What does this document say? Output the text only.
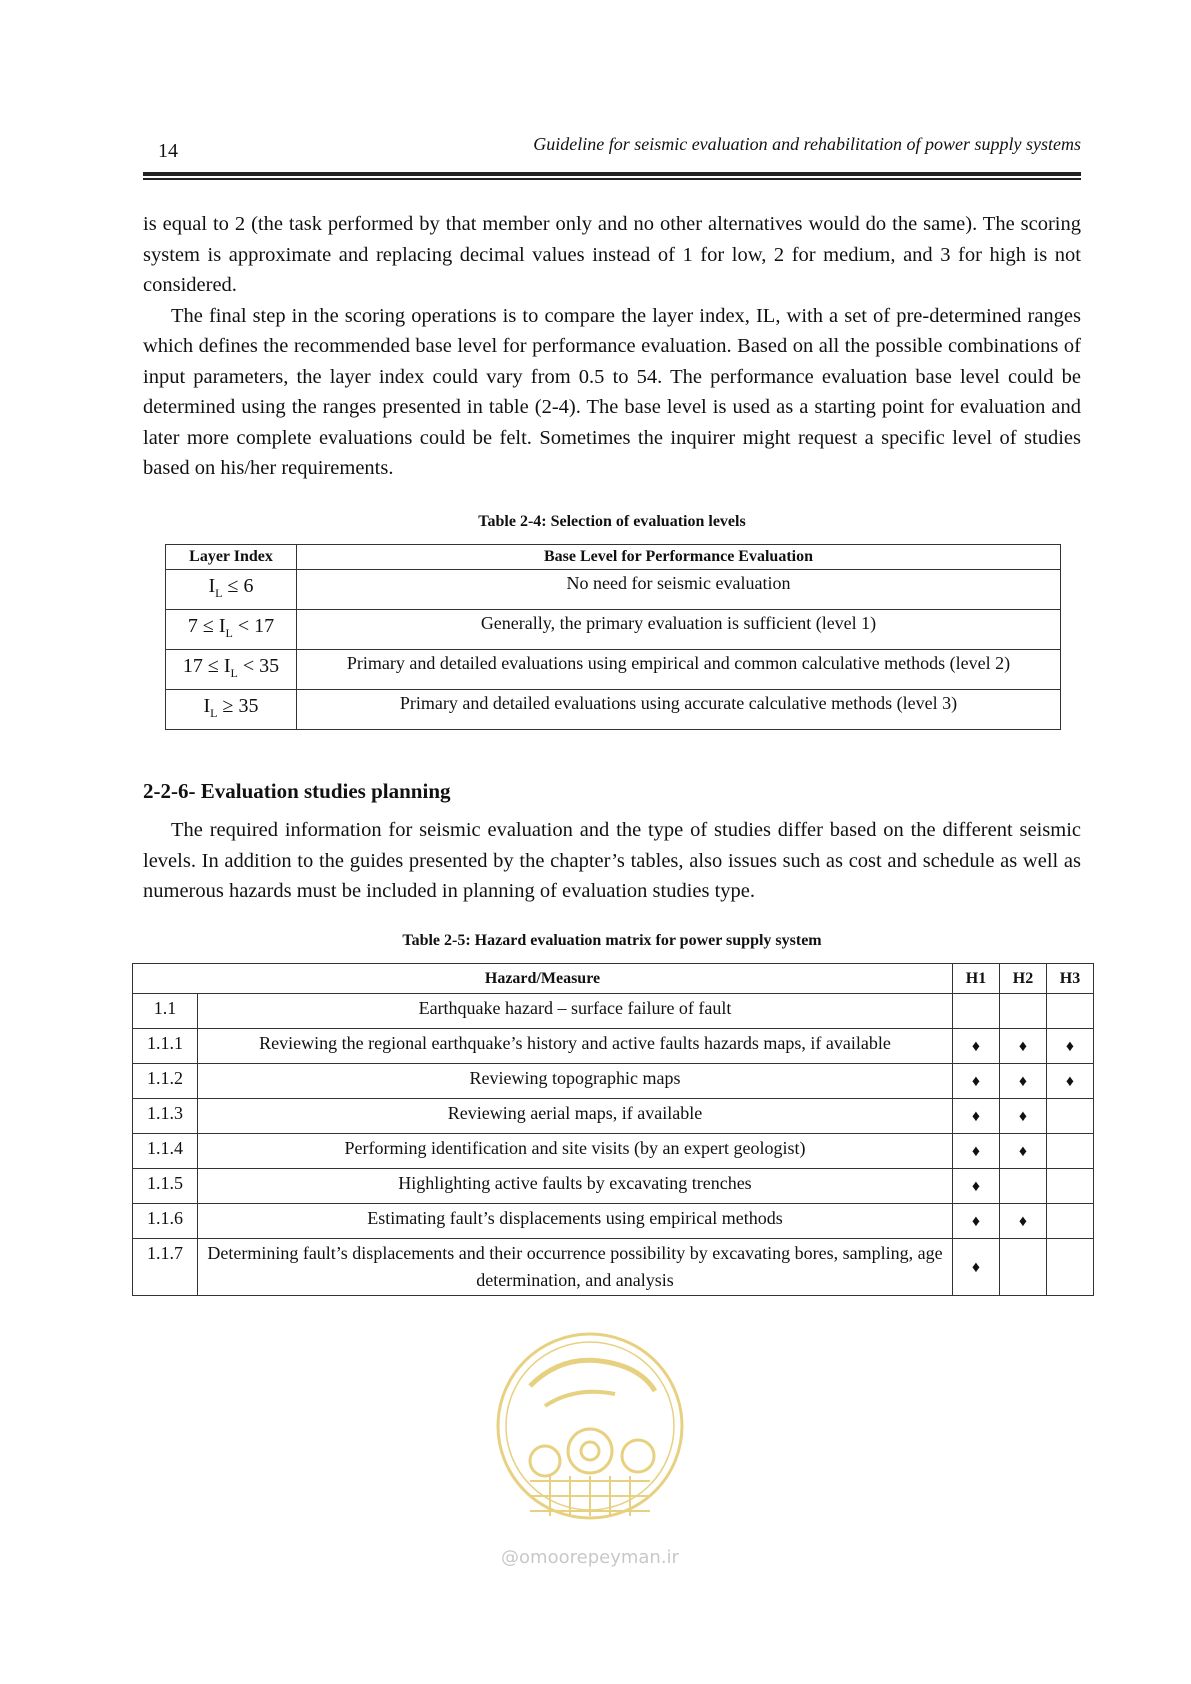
14	Guideline for seismic evaluation and rehabilitation of power supply systems

is equal to 2 (the task performed by that member only and no other alternatives would do the same). The scoring system is approximate and replacing decimal values instead of 1 for low, 2 for medium, and 3 for high is not considered.

The final step in the scoring operations is to compare the layer index, IL, with a set of pre-determined ranges which defines the recommended base level for performance evaluation. Based on all the possible combinations of input parameters, the layer index could vary from 0.5 to 54. The performance evaluation base level could be determined using the ranges presented in table (2-4). The base level is used as a starting point for evaluation and later more complete evaluations could be felt. Sometimes the inquirer might request a specific level of studies based on his/her requirements.

Table 2-4: Selection of evaluation levels
Layer Index	Base Level for Performance Evaluation
$I_L \le 6$	No need for seismic evaluation
$7 \le I_L < 17$	Generally, the primary evaluation is sufficient (level 1)
$17 \le I_L < 35$	Primary and detailed evaluations using empirical and common calculative methods (level 2)
$I_L \ge 35$	Primary and detailed evaluations using accurate calculative methods (level 3)
2-2-6- Evaluation studies planning

The required information for seismic evaluation and the type of studies differ based on the different seismic levels. In addition to the guides presented by the chapter’s tables, also issues such as cost and schedule as well as numerous hazards must be included in planning of evaluation studies type.

Table 2-5: Hazard evaluation matrix for power supply system
Hazard/Measure		H1	H2	H3
1.1	Earthquake hazard – surface failure of fault			
1.1.1	Reviewing the regional earthquake’s history and active faults hazards maps, if available	♦	♦	♦
1.1.2	Reviewing topographic maps	♦	♦	♦
1.1.3	Reviewing aerial maps, if available	♦	♦	
1.1.4	Performing identification and site visits (by an expert geologist)	♦	♦	
1.1.5	Highlighting active faults by excavating trenches	♦		
1.1.6	Estimating fault’s displacements using empirical methods	♦	♦	
1.1.7	Determining fault’s displacements and their occurrence possibility by excavating bores, sampling, age determination, and analysis	♦		
@omoorepeyman.ir
